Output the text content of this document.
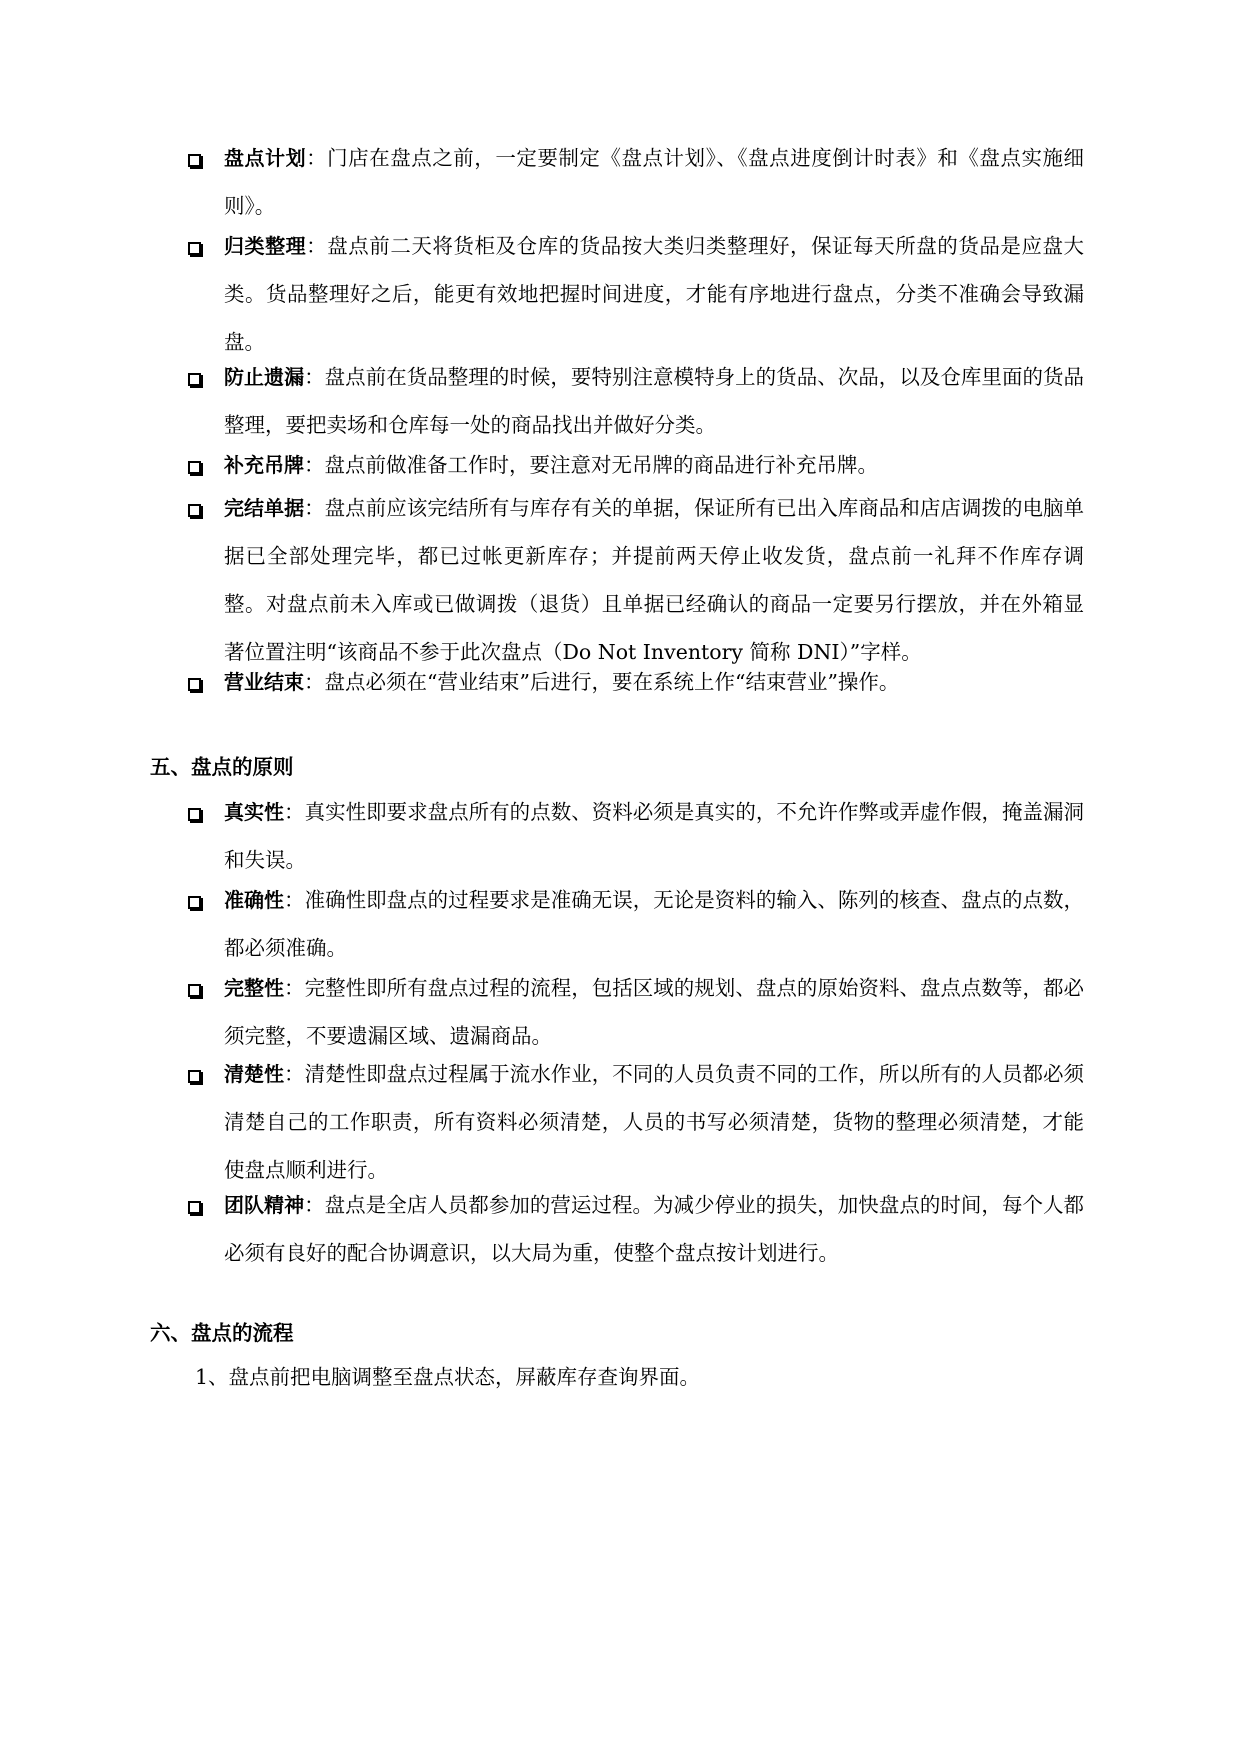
盘点计划：门店在盘点之前，一定要制定《盘点计划》、《盘点进度倒计时表》和《盘点实施细则》。
归类整理：盘点前二天将货柜及仓库的货品按大类归类整理好，保证每天所盘的货品是应盘大类。货品整理好之后，能更有效地把握时间进度，才能有序地进行盘点，分类不准确会导致漏盘。
防止遗漏：盘点前在货品整理的时候，要特别注意模特身上的货品、次品，以及仓库里面的货品整理，要把卖场和仓库每一处的商品找出并做好分类。
补充吊牌：盘点前做准备工作时，要注意对无吊牌的商品进行补充吊牌。
完结单据：盘点前应该完结所有与库存有关的单据，保证所有已出入库商品和店店调拨的电脑单据已全部处理完毕，都已过帐更新库存；并提前两天停止收发货，盘点前一礼拜不作库存调整。对盘点前未入库或已做调拨（退货）且单据已经确认的商品一定要另行摆放，并在外箱显著位置注明“该商品不参于此次盘点（Do Not Inventory 简称 DNI）”字样。
营业结束：盘点必须在“营业结束”后进行，要在系统上作“结束营业”操作。
五、盘点的原则
真实性：真实性即要求盘点所有的点数、资料必须是真实的，不允许作弊或弄虚作假，掩盖漏洞和失误。
准确性：准确性即盘点的过程要求是准确无误，无论是资料的输入、陈列的核查、盘点的点数，都必须准确。
完整性：完整性即所有盘点过程的流程，包括区域的规划、盘点的原始资料、盘点点数等，都必须完整，不要遗漏区域、遗漏商品。
清楚性：清楚性即盘点过程属于流水作业，不同的人员负责不同的工作，所以所有的人员都必须清楚自己的工作职责，所有资料必须清楚，人员的书写必须清楚，货物的整理必须清楚，才能使盘点顺利进行。
团队精神：盘点是全店人员都参加的营运过程。为减少停业的损失，加快盘点的时间，每个人都必须有良好的配合协调意识，以大局为重，使整个盘点按计划进行。
六、盘点的流程
1、盘点前把电脑调整至盘点状态，屏蔽库存查询界面。
